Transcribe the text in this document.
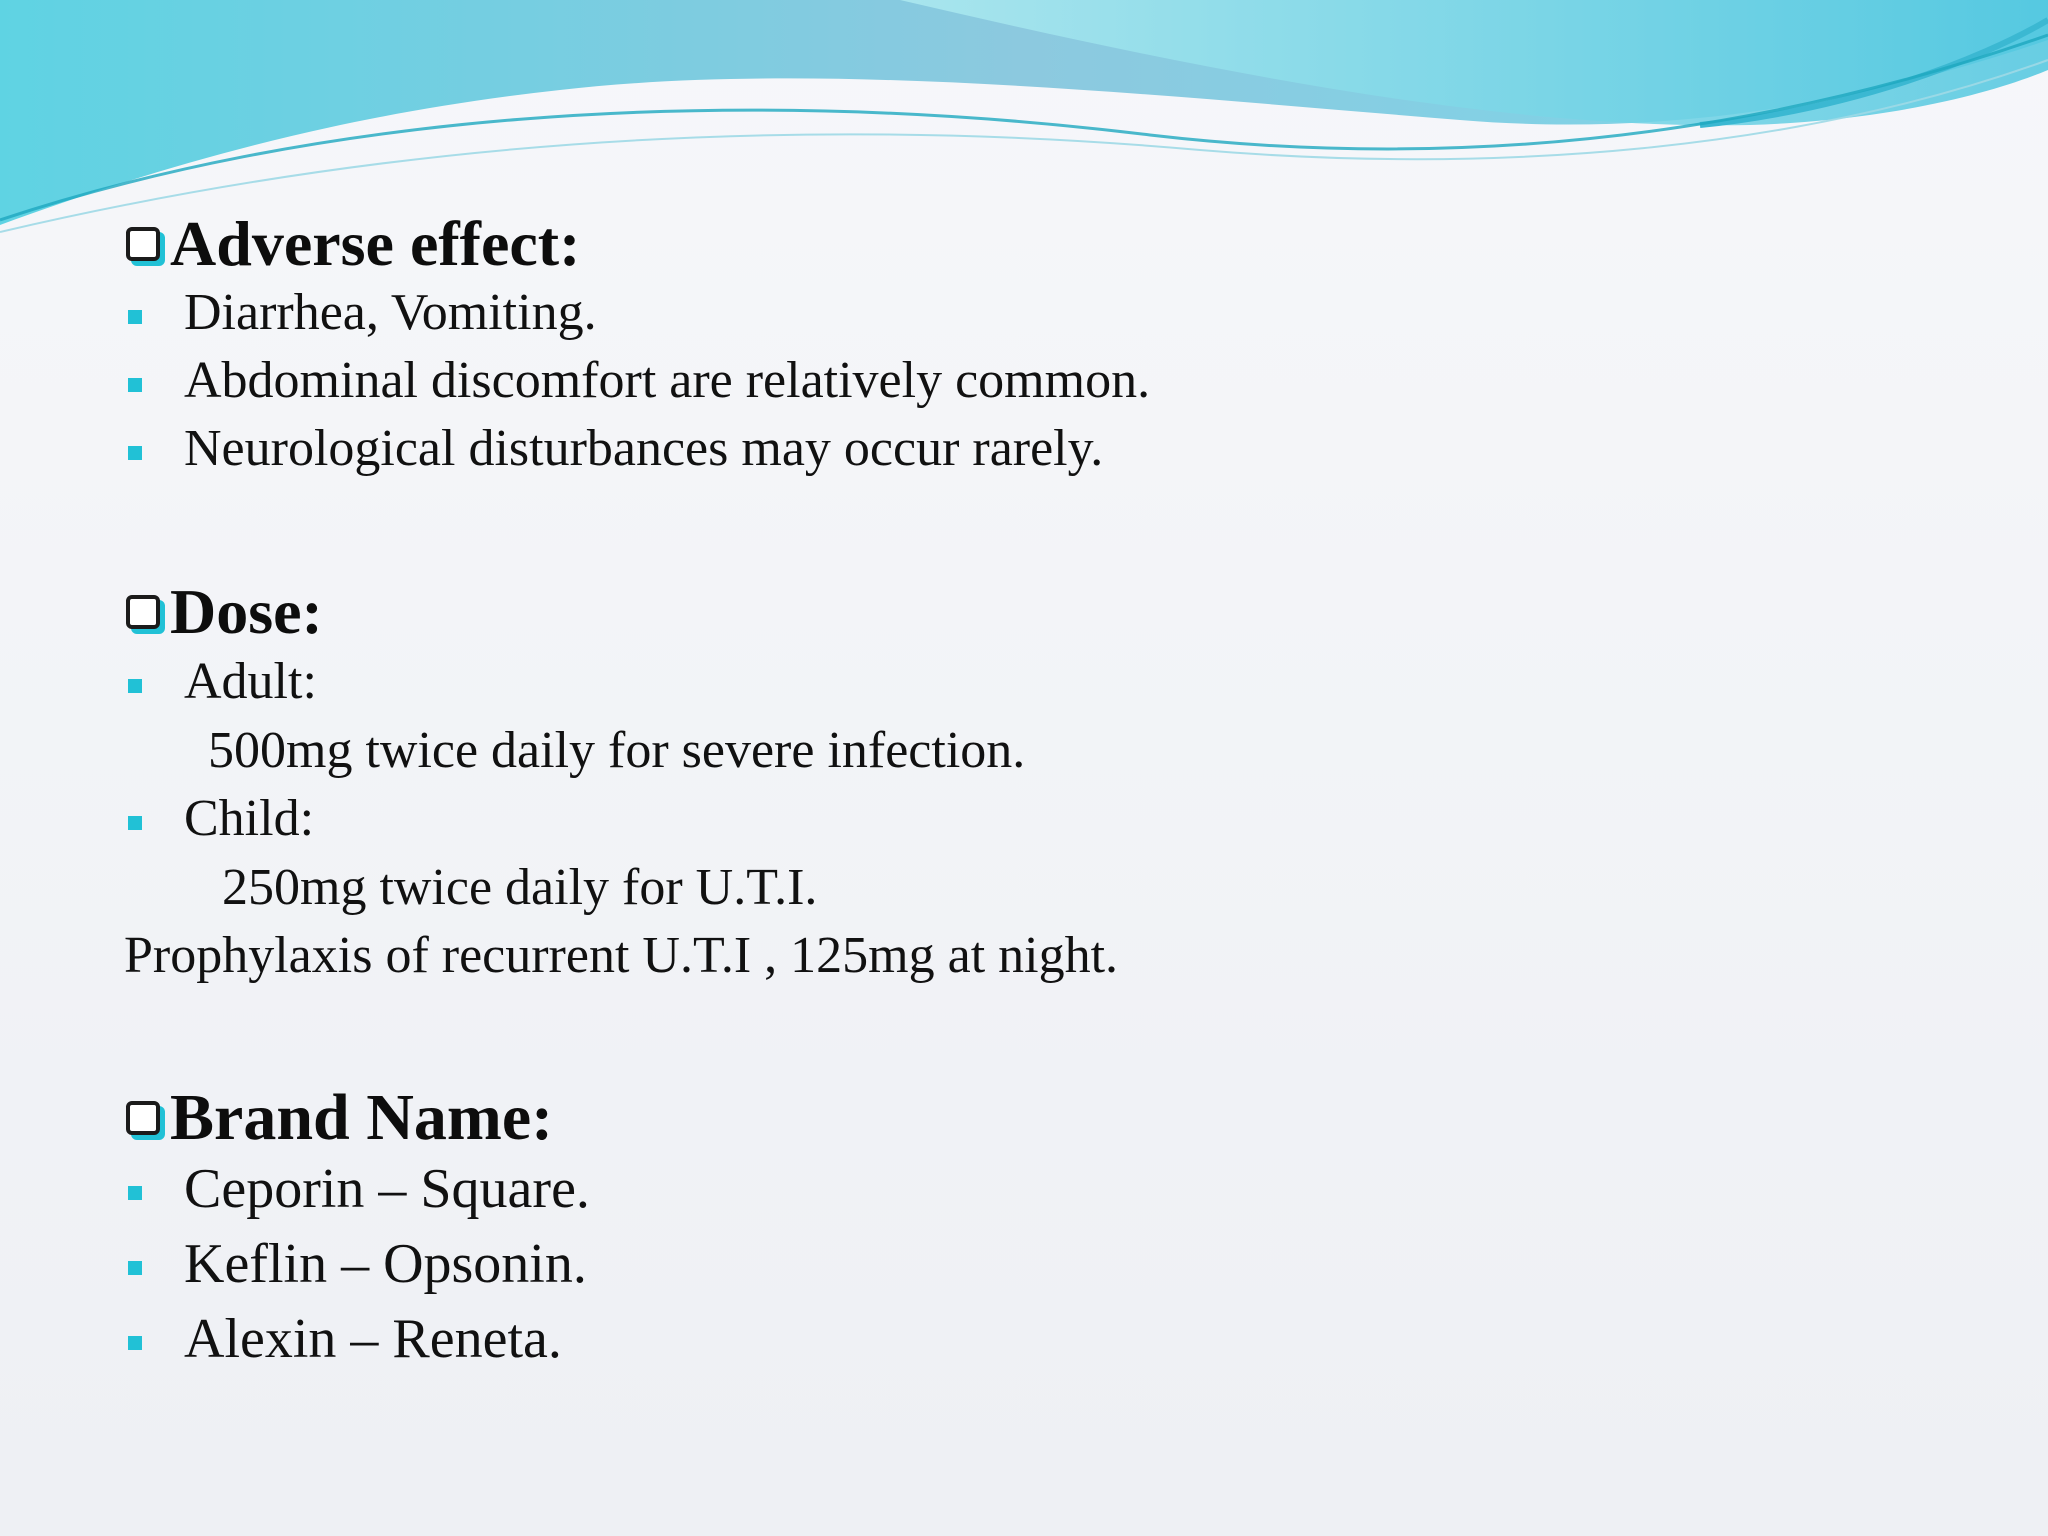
Adverse effect:
Diarrhea, Vomiting.
Abdominal discomfort are relatively common.
Neurological disturbances may occur rarely.
Dose:
Adult:
500mg twice daily for severe infection.
Child:
250mg twice daily for U.T.I.
Prophylaxis of recurrent U.T.I , 125mg at night.
Brand Name:
Ceporin – Square.
Keflin – Opsonin.
Alexin – Reneta.
